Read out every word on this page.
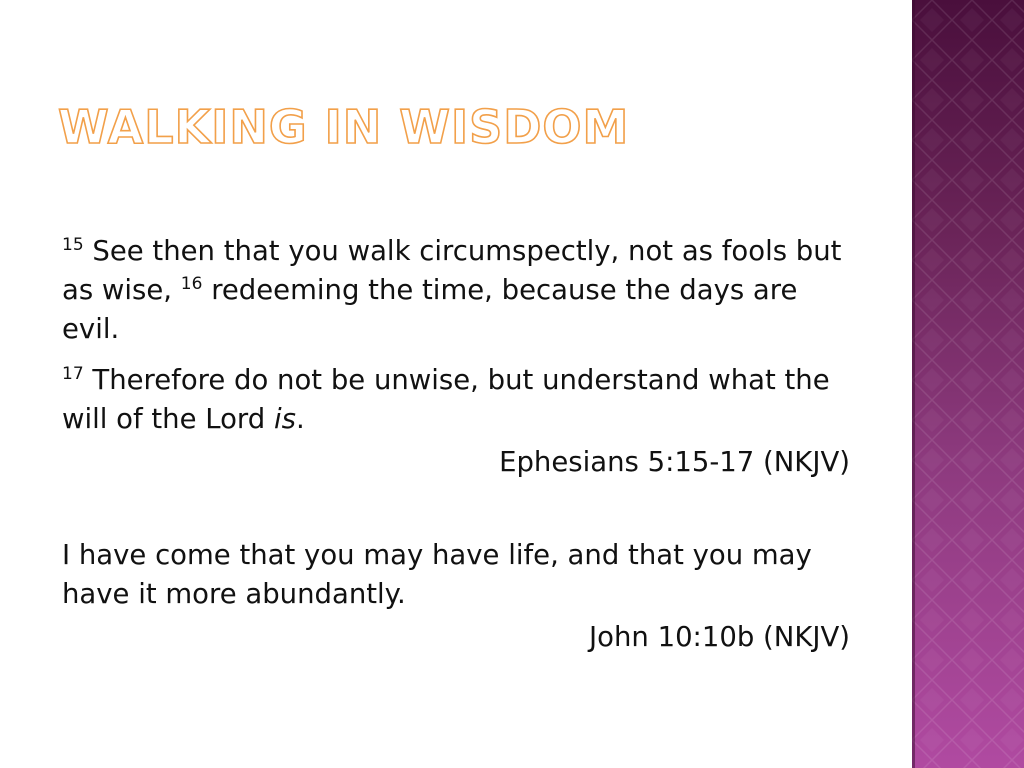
WALKING IN WISDOM

$^{15}$ See then that you walk circumspectly, not as fools but as wise, $^{16}$ redeeming the time, because the days are evil.

$^{17}$ Therefore do not be unwise, but understand what the will of the Lord is.

Ephesians 5:15-17 (NKJV)

I have come that you may have life, and that you may have it more abundantly.

John 10:10b (NKJV)
